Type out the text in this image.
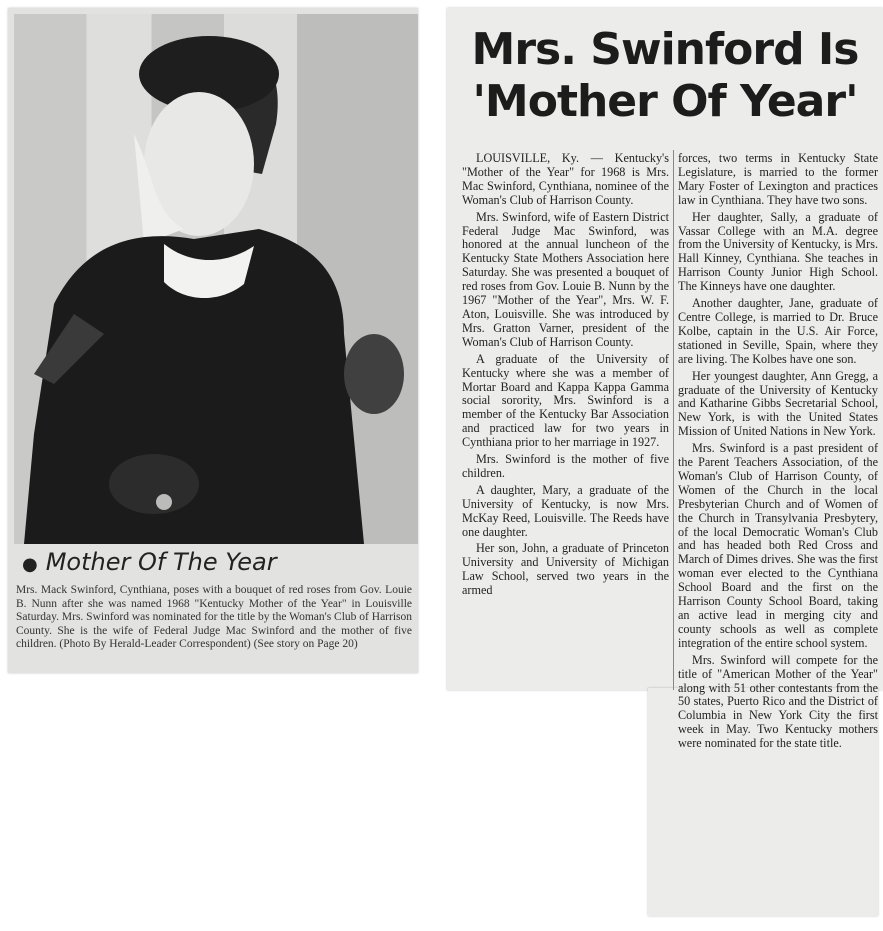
● Mother Of The Year
Mrs. Mack Swinford, Cynthiana, poses with a bouquet of red roses from Gov. Louie B. Nunn after she was named 1968 "Kentucky Mother of the Year" in Louisville Saturday. Mrs. Swinford was nominated for the title by the Woman's Club of Harrison County. She is the wife of Federal Judge Mac Swinford and the mother of five children. (Photo By Herald-Leader Correspondent) (See story on Page 20)
Mrs. Swinford Is
'Mother Of Year'

LOUISVILLE, Ky. — Kentucky's "Mother of the Year" for 1968 is Mrs. Mac Swinford, Cynthiana, nominee of the Woman's Club of Harrison County.

Mrs. Swinford, wife of Eastern District Federal Judge Mac Swinford, was honored at the annual luncheon of the Kentucky State Mothers Association here Saturday. She was presented a bouquet of red roses from Gov. Louie B. Nunn by the 1967 "Mother of the Year", Mrs. W. F. Aton, Louisville. She was introduced by Mrs. Gratton Varner, president of the Woman's Club of Harrison County.

A graduate of the University of Kentucky where she was a member of Mortar Board and Kappa Kappa Gamma social sorority, Mrs. Swinford is a member of the Kentucky Bar Association and practiced law for two years in Cynthiana prior to her marriage in 1927.

Mrs. Swinford is the mother of five children.

A daughter, Mary, a graduate of the University of Kentucky, is now Mrs. McKay Reed, Louisville. The Reeds have one daughter.

Her son, John, a graduate of Princeton University and University of Michigan Law School, served two years in the armed

forces, two terms in Kentucky State Legislature, is married to the former Mary Foster of Lexington and practices law in Cynthiana. They have two sons.

Her daughter, Sally, a graduate of Vassar College with an M.A. degree from the University of Kentucky, is Mrs. Hall Kinney, Cynthiana. She teaches in Harrison County Junior High School. The Kinneys have one daughter.

Another daughter, Jane, graduate of Centre College, is married to Dr. Bruce Kolbe, captain in the U.S. Air Force, stationed in Seville, Spain, where they are living. The Kolbes have one son.

Her youngest daughter, Ann Gregg, a graduate of the University of Kentucky and Katharine Gibbs Secretarial School, New York, is with the United States Mission of United Nations in New York.

Mrs. Swinford is a past president of the Parent Teachers Association, of the Woman's Club of Harrison County, of Women of the Church in the local Presbyterian Church and of Women of the Church in Transylvania Presbytery, of the local Democratic Woman's Club and has headed both Red Cross and March of Dimes drives. She was the first woman ever elected to the Cynthiana School Board and the first on the Harrison County School Board, taking an active lead in merging city and county schools as well as complete integration of the entire school system.

Mrs. Swinford will compete for the title of "American Mother of the Year" along with 51 other contestants from the 50 states, Puerto Rico and the District of Columbia in New York City the first week in May. Two Kentucky mothers were nominated for the state title.
